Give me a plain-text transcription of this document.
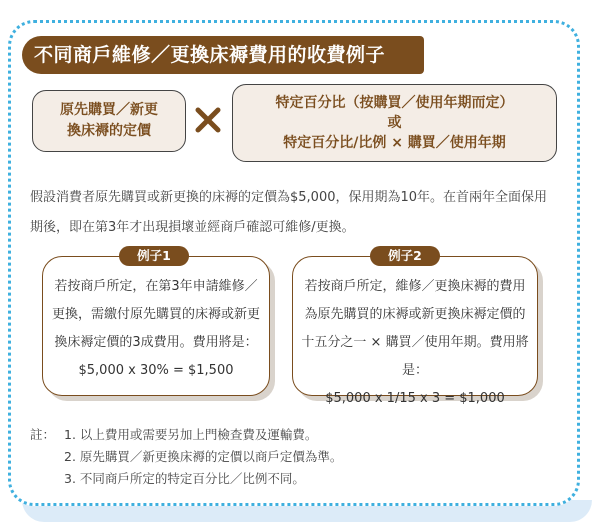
不同商戶維修／更換床褥費用的收費例子
原先購買／新更
換床褥的定價
特定百分比（按購買／使用年期而定）
或
特定百分比/比例 × 購買／使用年期
假設消費者原先購買或新更換的床褥的定價為$5,000，保用期為10年。在首兩年全面保用
期後，即在第3年才出現損壞並經商戶確認可維修/更換。
若按商戶所定，在第3年申請維修／
更換，需繳付原先購買的床褥或新更
換床褥定價的3成費用。費用將是：
$5,000 x 30% = $1,500
例子1
若按商戶所定，維修／更換床褥的費用
為原先購買的床褥或新更換床褥定價的
十五分之一 × 購買／使用年期。費用將是：
$5,000 x 1/15 x 3 = $1,000
例子2
註： 1. 以上費用或需要另加上門檢查費及運輸費。
2. 原先購買／新更換床褥的定價以商戶定價為準。
3. 不同商戶所定的特定百分比／比例不同。
